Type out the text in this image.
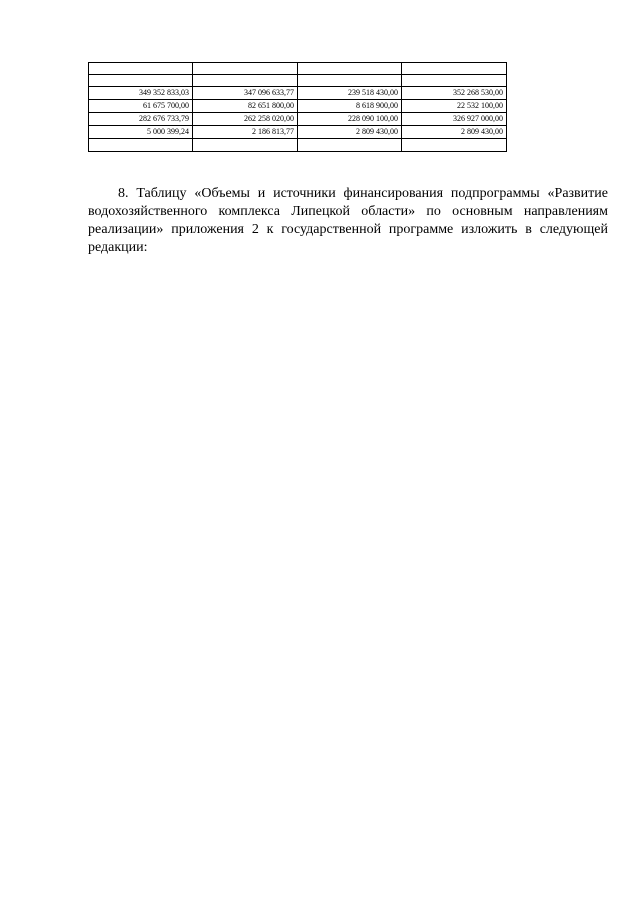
349 352 833,03	347 096 633,77	239 518 430,00	352 268 530,00
61 675 700,00	82 651 800,00	8 618 900,00	22 532 100,00
282 676 733,79	262 258 020,00	228 090 100,00	326 927 000,00
5 000 399,24	2 186 813,77	2 809 430,00	2 809 430,00

8. Таблицу «Объемы и источники финансирования подпрограммы «Развитие водохозяйственного комплекса Липецкой области» по основным направлениям реализации» приложения 2 к государственной программе изложить в следующей редакции:
